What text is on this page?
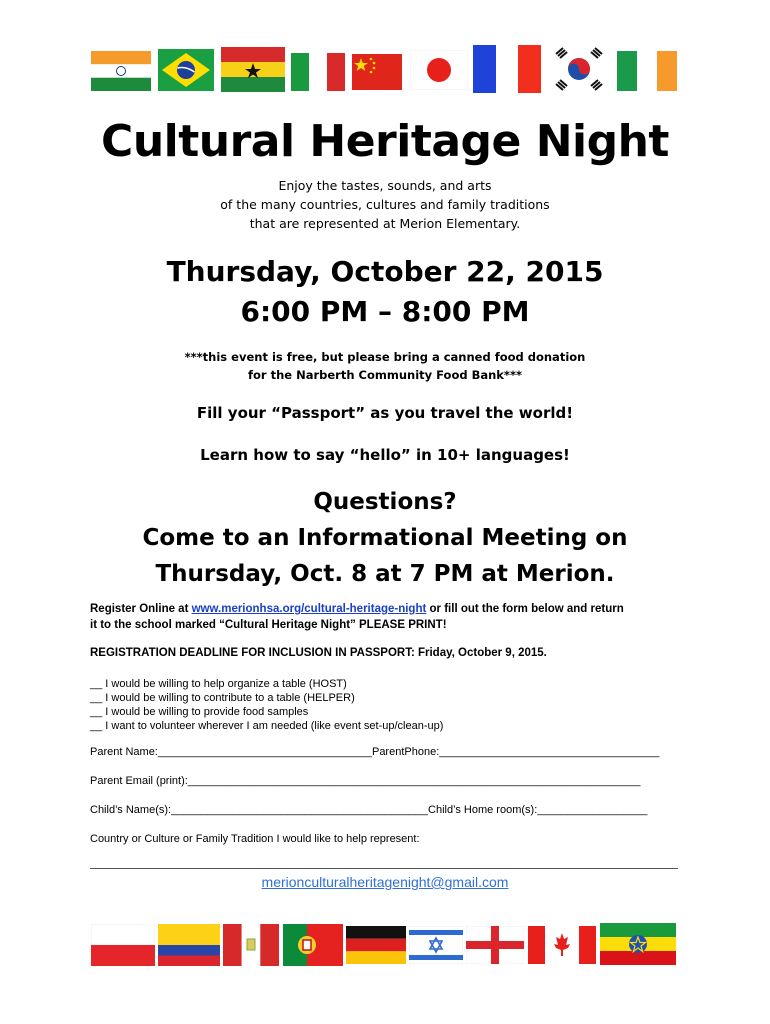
Cultural Heritage Night
Enjoy the tastes, sounds, and arts
of the many countries, cultures and family traditions
that are represented at Merion Elementary.
Thursday, October 22, 2015
6:00 PM – 8:00 PM
***this event is free, but please bring a canned food donation
for the Narberth Community Food Bank***
Fill your “Passport” as you travel the world!
Learn how to say “hello” in 10+ languages!
Questions?
Come to an Informational Meeting on
Thursday, Oct. 8 at 7 PM at Merion.
Register Online at www.merionhsa.org/cultural-heritage-night or fill out the form below and return
it to the school marked “Cultural Heritage Night” PLEASE PRINT!
REGISTRATION DEADLINE FOR INCLUSION IN PASSPORT: Friday, October 9, 2015.
__ I would be willing to help organize a table (HOST)
__ I would be willing to contribute to a table (HELPER)
__ I would be willing to provide food samples
__ I want to volunteer wherever I am needed (like event set-up/clean-up)
Parent Name:___________________________________ParentPhone:____________________________________
Parent Email (print):__________________________________________________________________________
Child’s Name(s):__________________________________________Child’s Home room(s):__________________
Country or Culture or Family Tradition I would like to help represent:
merionculturalheritagenight@gmail.com
